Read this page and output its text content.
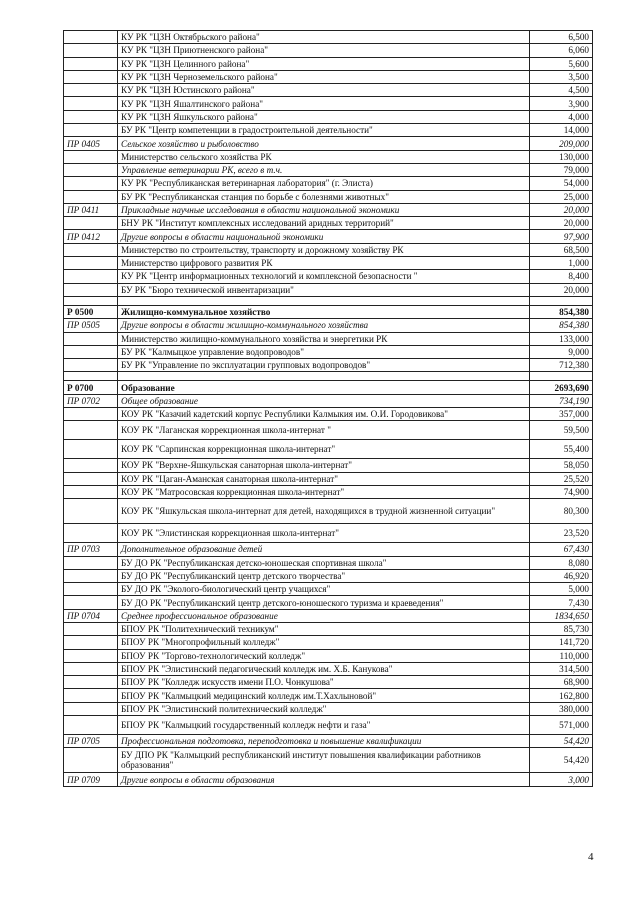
	КУ РК "ЦЗН Октябрьского района"	6,500
	КУ РК "ЦЗН Приютненского района"	6,060
	КУ РК "ЦЗН Целинного района"	5,600
	КУ РК "ЦЗН Черноземельского района"	3,500
	КУ РК "ЦЗН Юстинского района"	4,500
	КУ РК "ЦЗН Яшалтинского района"	3,900
	КУ РК "ЦЗН Яшкульского района"	4,000
	БУ РК "Центр компетенции в градостроительной деятельности"	14,000
ПР 0405	Сельское хозяйство и рыболовство	209,000
	Министерство сельского хозяйства РК	130,000
	Управление ветеринарии РК, всего в т.ч.	79,000
	КУ РК "Республиканская ветеринарная лаборатория" (г. Элиста)	54,000
	БУ РК "Республиканская станция по борьбе с болезнями животных"	25,000
ПР 0411	Прикладные научные исследования в области национальной экономики	20,000
	БНУ РК "Институт комплексных исследований аридных территорий"	20,000
ПР 0412	Другие вопросы в области национальной экономики	97,900
	Министерство по строительству, транспорту и дорожному хозяйству РК	68,500
	Министерство цифрового развития РК	1,000
	КУ РК "Центр информационных технологий и комплексной безопасности "	8,400
	БУ РК "Бюро технической инвентаризации"	20,000

Р 0500	Жилищно-коммунальное хозяйство	854,380
ПР 0505	Другие вопросы в области жилищно-коммунального хозяйства	854,380
	Министерство жилищно-коммунального хозяйства и энергетики РК	133,000
	БУ РК "Калмыцкое управление водопроводов"	9,000
	БУ РК "Управление по эксплуатации групповых водопроводов"	712,380

Р 0700	Образование	2693,690
ПР 0702	Общее образование	734,190
	КОУ РК "Казачий кадетский корпус Республики Калмыкия им. О.И. Городовикова"	357,000
	КОУ РК "Лаганская коррекционная школа-интернат "	59,500
	КОУ РК "Сарпинская коррекционная школа-интернат"	55,400
	КОУ РК "Верхне-Яшкульская санаторная школа-интернат"	58,050
	КОУ РК "Цаган-Аманская санаторная школа-интернат"	25,520
	КОУ РК "Матросовская коррекционная школа-интернат"	74,900
	КОУ РК "Яшкульская школа-интернат для детей, находящихся в трудной жизненной ситуации"	80,300
	КОУ РК "Элистинская коррекционная школа-интернат"	23,520
ПР 0703	Дополнительное образование детей	67,430
	БУ ДО РК "Республиканская детско-юношеская спортивная школа"	8,080
	БУ ДО РК "Республиканский центр детского творчества"	46,920
	БУ ДО РК "Эколого-биологический центр учащихся"	5,000
	БУ ДО РК "Республиканский центр детского-юношеского туризма и краеведения"	7,430
ПР 0704	Среднее профессиональное образование	1834,650
	БПОУ РК "Политехнический техникум"	85,730
	БПОУ РК "Многопрофильный колледж"	141,720
	БПОУ РК "Торгово-технологический колледж"	110,000
	БПОУ РК "Элистинский педагогический колледж им. Х.Б. Канукова"	314,500
	БПОУ РК "Колледж искусств имени П.О. Чонкушова"	68,900
	БПОУ РК "Калмыцкий медицинский колледж им.Т.Хахлыновой"	162,800
	БПОУ РК "Элистинский политехнический колледж"	380,000
	БПОУ РК "Калмыцкий государственный колледж нефти и газа"	571,000
ПР 0705	Профессиональная подготовка, переподготовка и повышение квалификации	54,420
	БУ ДПО РК "Калмыцкий республиканский институт повышения квалификации работников образования"	54,420
ПР 0709	Другие вопросы в области образования	3,000
4
